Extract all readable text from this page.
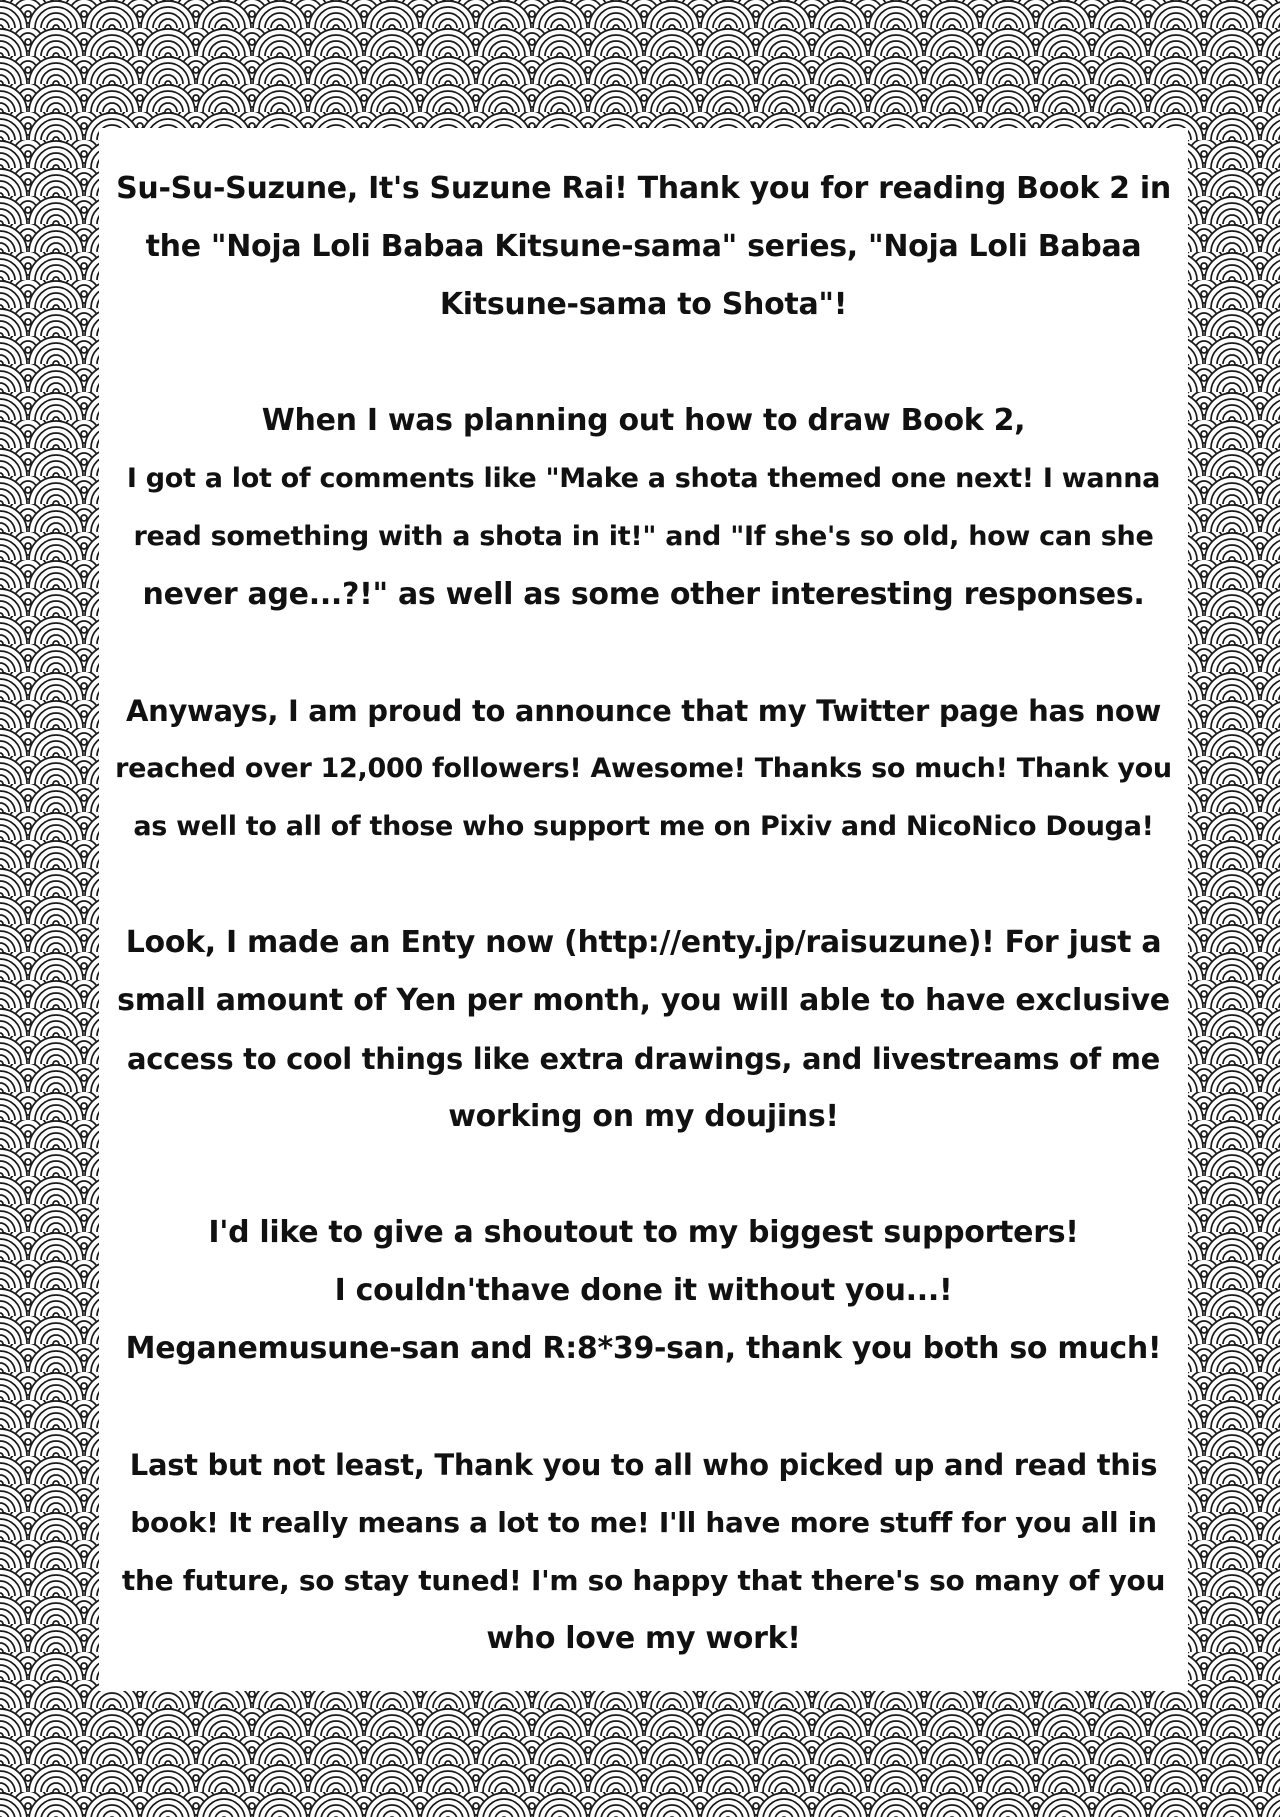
Su-Su-Suzune, It's Suzune Rai! Thank you for reading Book 2 in
the "Noja Loli Babaa Kitsune-sama" series, "Noja Loli Babaa
Kitsune-sama to Shota"!
When I was planning out how to draw Book 2,
I got a lot of comments like "Make a shota themed one next! I wanna
read something with a shota in it!" and "If she's so old, how can she
never age...?!" as well as some other interesting responses.
Anyways, I am proud to announce that my Twitter page has now
reached over 12,000 followers! Awesome! Thanks so much! Thank you
as well to all of those who support me on Pixiv and NicoNico Douga!
Look, I made an Enty now (http://enty.jp/raisuzune)! For just a
small amount of Yen per month, you will able to have exclusive
access to cool things like extra drawings, and livestreams of me
working on my doujins!
I'd like to give a shoutout to my biggest supporters!
I couldn'thave done it without you...!
Meganemusune-san and R:8*39-san, thank you both so much!
Last but not least, Thank you to all who picked up and read this
book! It really means a lot to me! I'll have more stuff for you all in
the future, so stay tuned! I'm so happy that there's so many of you
who love my work!
